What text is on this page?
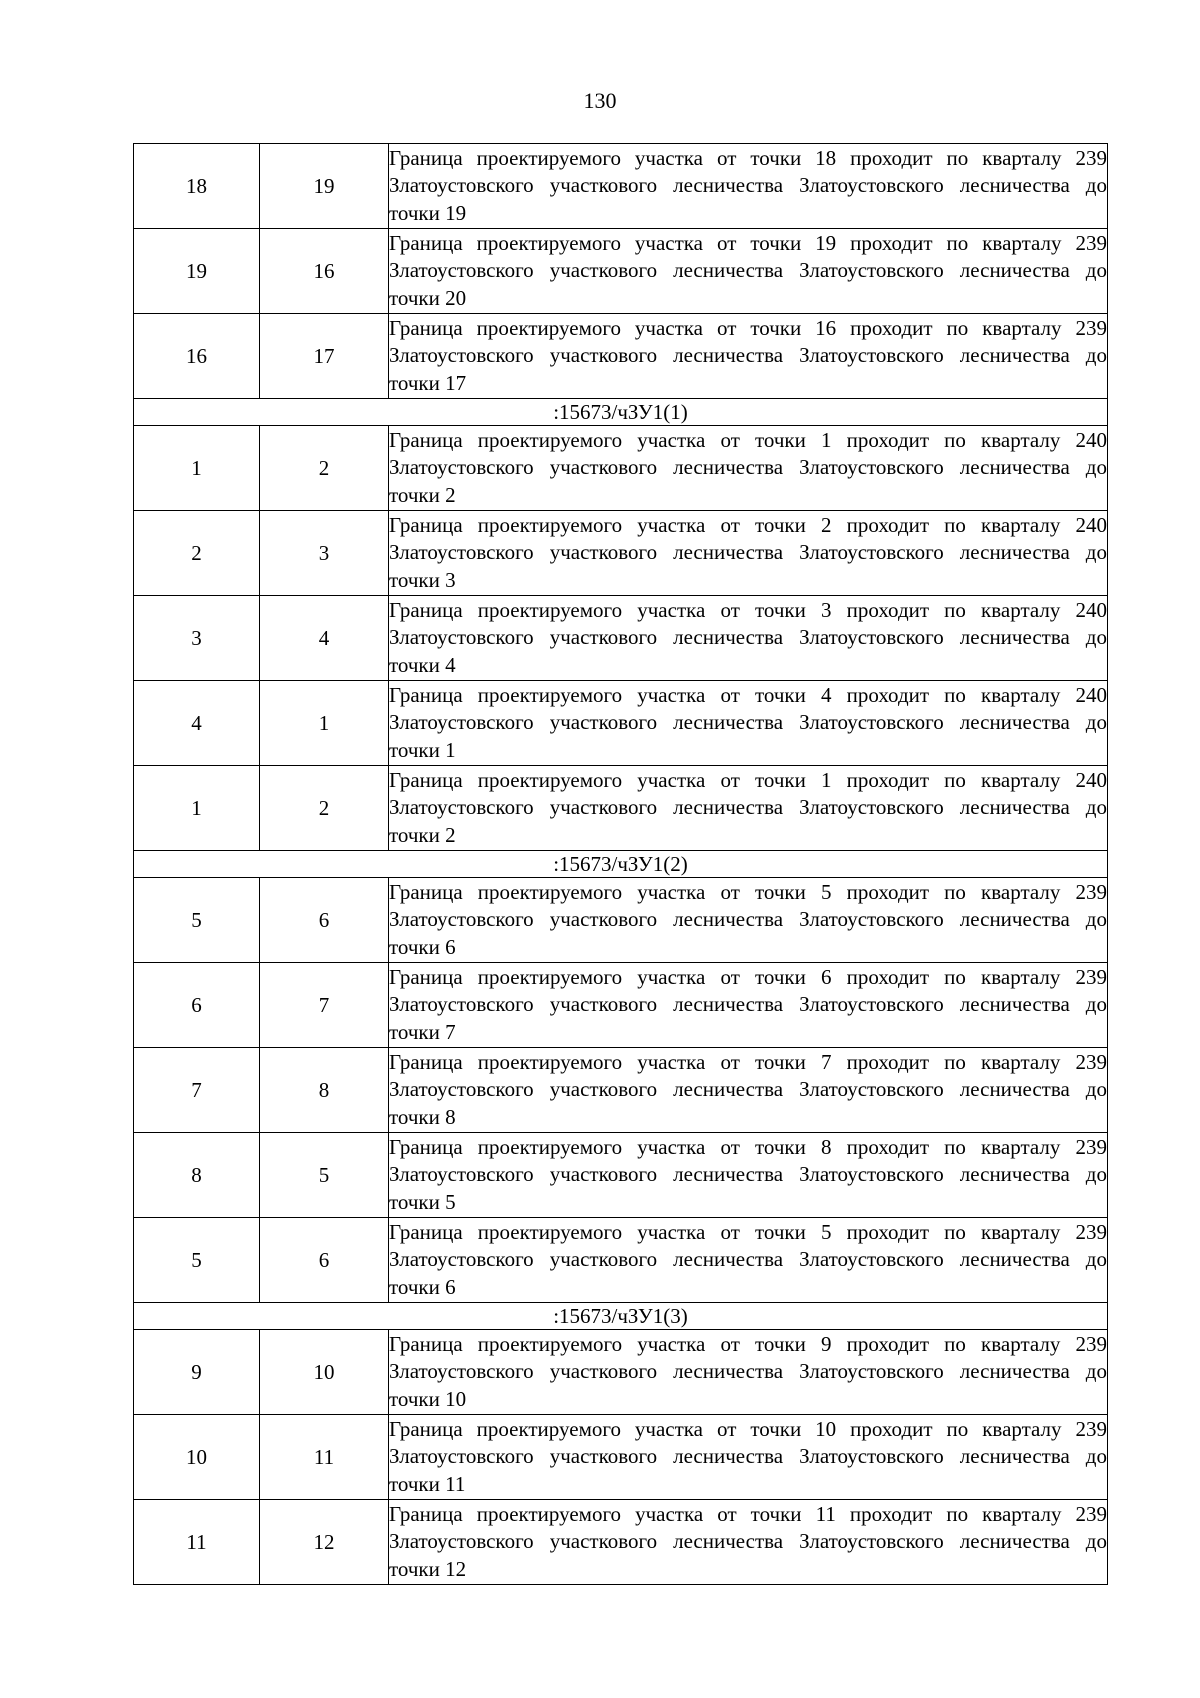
130
18	19	Граница проектируемого участка от точки 18 проходит по кварталу 239 Златоустовского участкового лесничества Златоустовского лесничества до точки 19
19	16	Граница проектируемого участка от точки 19 проходит по кварталу 239 Златоустовского участкового лесничества Златоустовского лесничества до точки 20
16	17	Граница проектируемого участка от точки 16 проходит по кварталу 239 Златоустовского участкового лесничества Златоустовского лесничества до точки 17
:15673/чЗУ1(1)		
1	2	Граница проектируемого участка от точки 1 проходит по кварталу 240 Златоустовского участкового лесничества Златоустовского лесничества до точки 2
2	3	Граница проектируемого участка от точки 2 проходит по кварталу 240 Златоустовского участкового лесничества Златоустовского лесничества до точки 3
3	4	Граница проектируемого участка от точки 3 проходит по кварталу 240 Златоустовского участкового лесничества Златоустовского лесничества до точки 4
4	1	Граница проектируемого участка от точки 4 проходит по кварталу 240 Златоустовского участкового лесничества Златоустовского лесничества до точки 1
1	2	Граница проектируемого участка от точки 1 проходит по кварталу 240 Златоустовского участкового лесничества Златоустовского лесничества до точки 2
:15673/чЗУ1(2)		
5	6	Граница проектируемого участка от точки 5 проходит по кварталу 239 Златоустовского участкового лесничества Златоустовского лесничества до точки 6
6	7	Граница проектируемого участка от точки 6 проходит по кварталу 239 Златоустовского участкового лесничества Златоустовского лесничества до точки 7
7	8	Граница проектируемого участка от точки 7 проходит по кварталу 239 Златоустовского участкового лесничества Златоустовского лесничества до точки 8
8	5	Граница проектируемого участка от точки 8 проходит по кварталу 239 Златоустовского участкового лесничества Златоустовского лесничества до точки 5
5	6	Граница проектируемого участка от точки 5 проходит по кварталу 239 Златоустовского участкового лесничества Златоустовского лесничества до точки 6
:15673/чЗУ1(3)		
9	10	Граница проектируемого участка от точки 9 проходит по кварталу 239 Златоустовского участкового лесничества Златоустовского лесничества до точки 10
10	11	Граница проектируемого участка от точки 10 проходит по кварталу 239 Златоустовского участкового лесничества Златоустовского лесничества до точки 11
11	12	Граница проектируемого участка от точки 11 проходит по кварталу 239 Златоустовского участкового лесничества Златоустовского лесничества до точки 12
